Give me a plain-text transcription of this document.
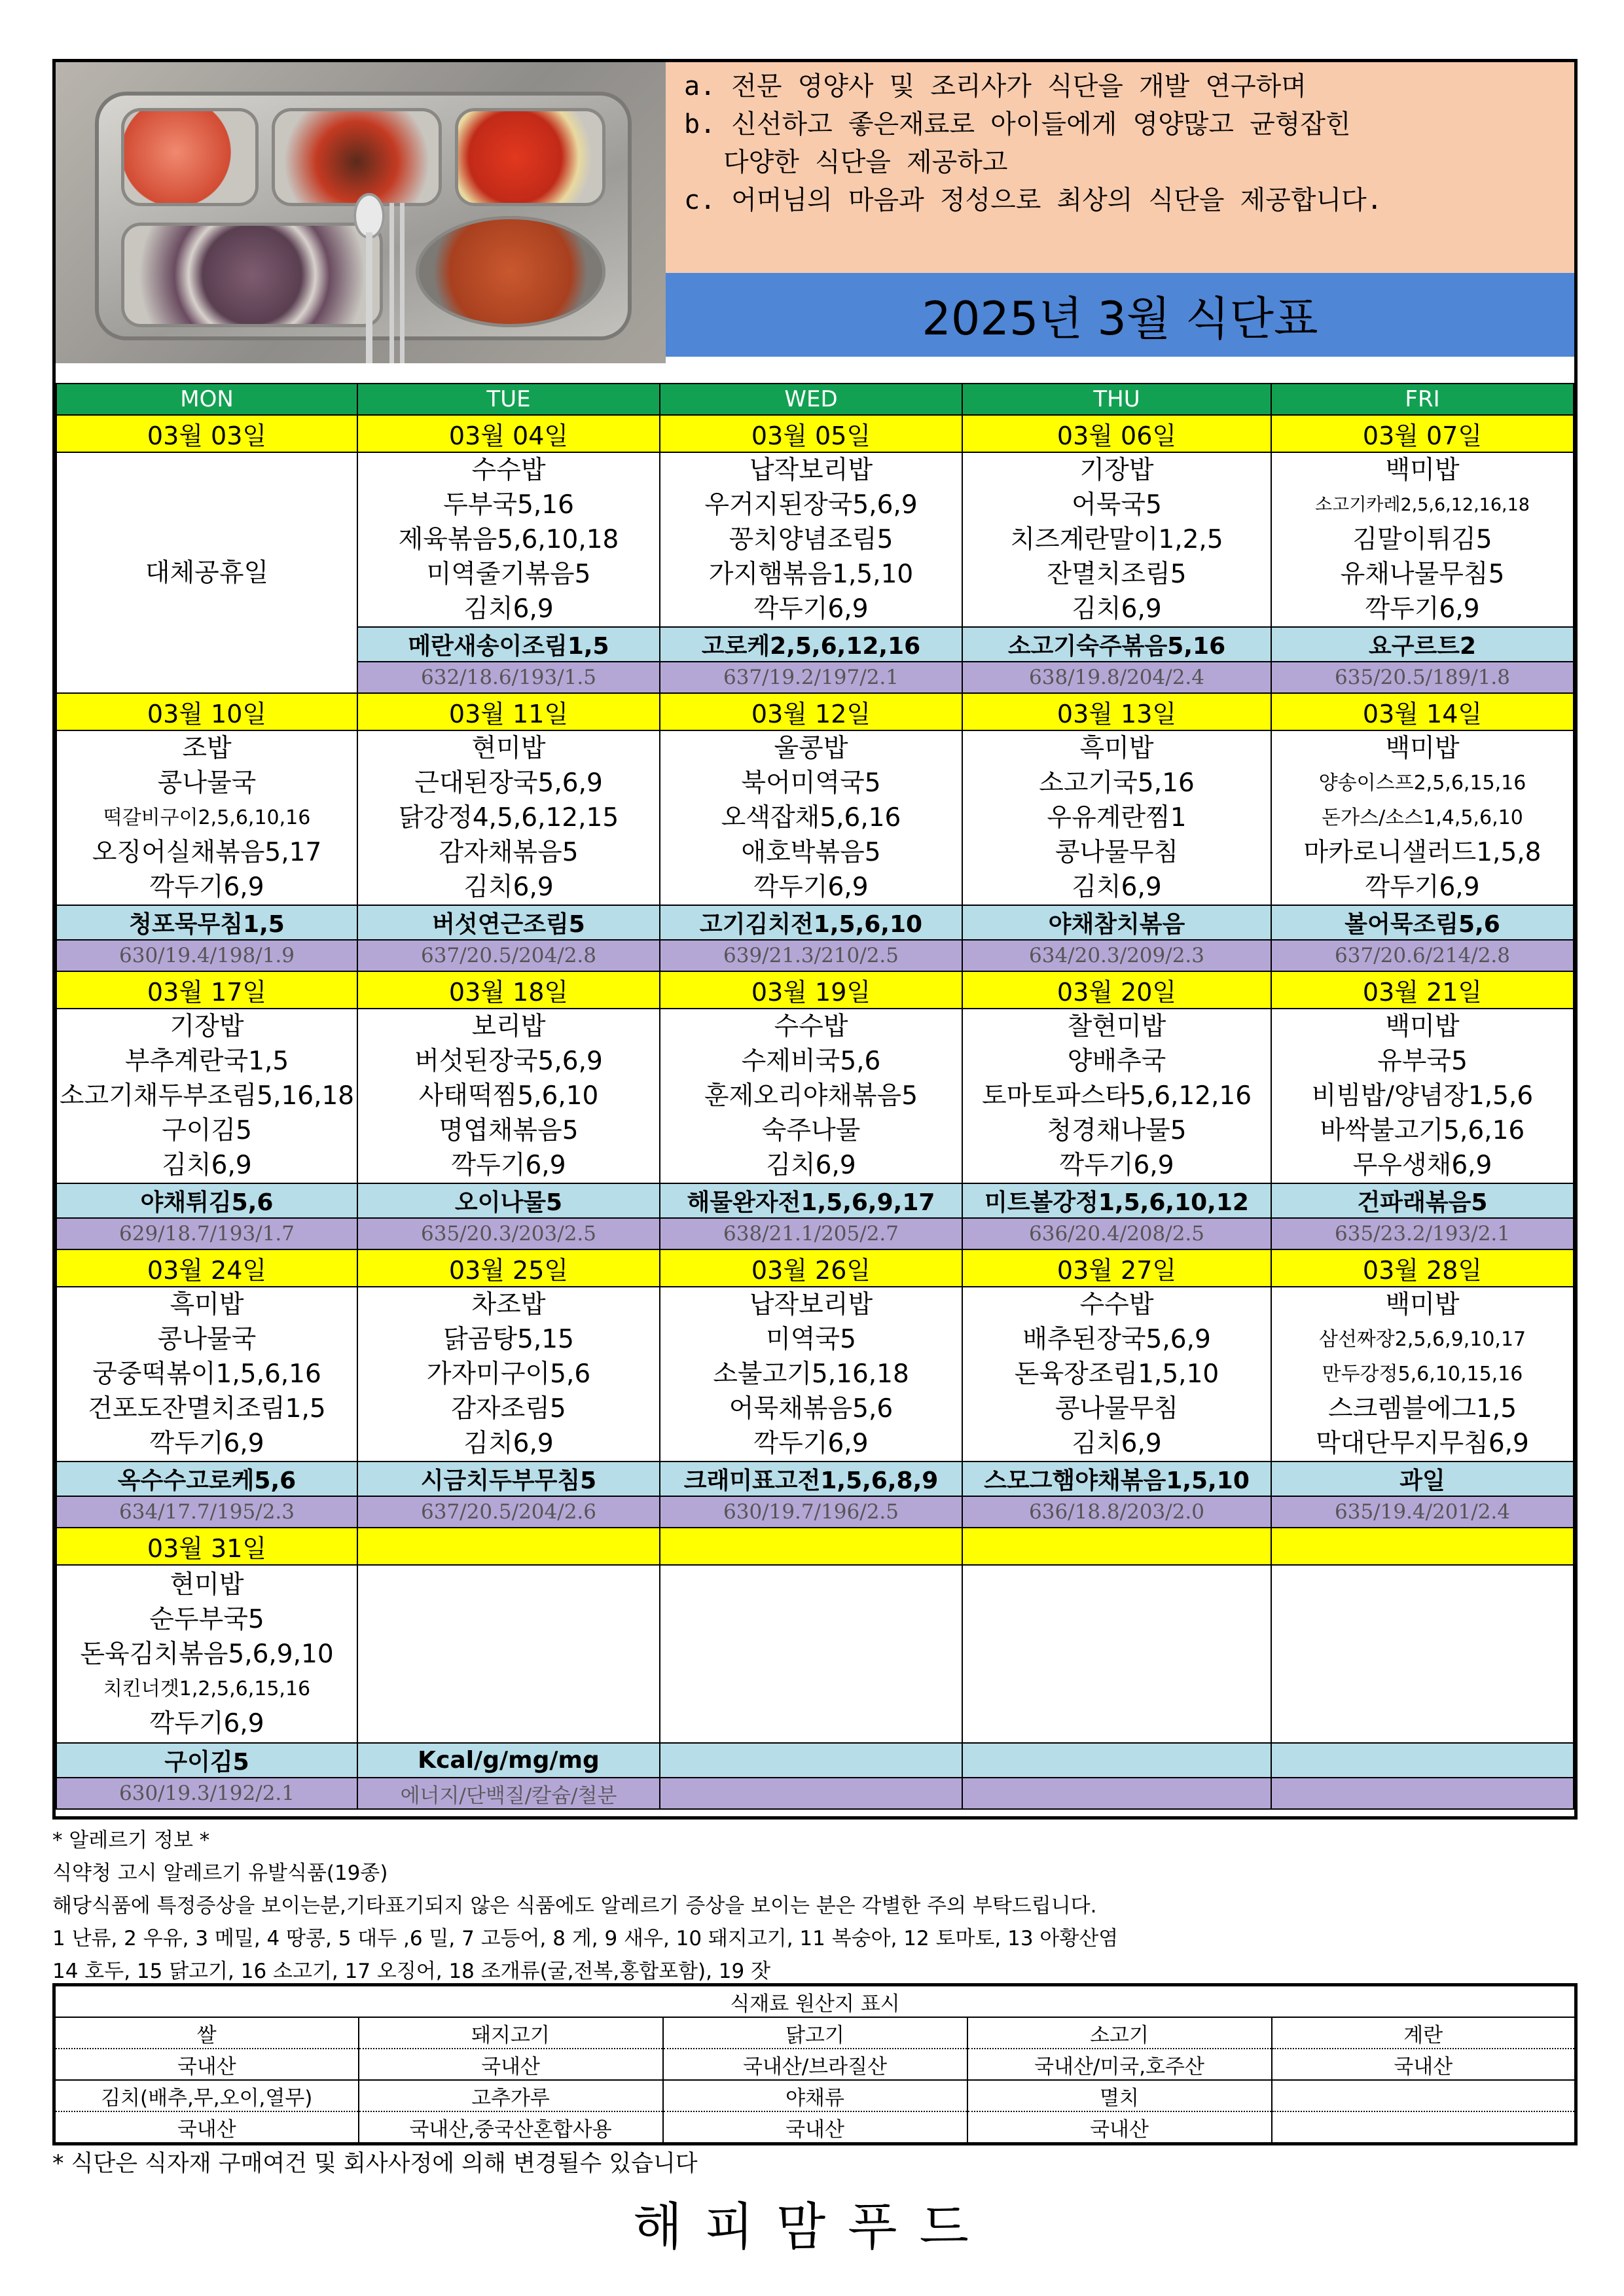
a. 전문 영양사 및 조리사가 식단을 개발 연구하며
b. 신선하고 좋은재료로 아이들에게 영양많고 균형잡힌
다양한 식단을 제공하고
c. 어머님의 마음과 정성으로 최상의 식단을 제공합니다.
2025년 3월 식단표
MON	TUE	WED	THU	FRI
03월 03일	03월 04일	03월 05일	03월 06일	03월 07일

대체공휴일	수수밥
두부국5,16
제육볶음5,6,10,18
미역줄기볶음5
김치6,9	납작보리밥
우거지된장국5,6,9
꽁치양념조림5
가지햄볶음1,5,10
깍두기6,9	기장밥
어묵국5
치즈계란말이1,2,5
잔멸치조림5
김치6,9	백미밥
소고기카레2,5,6,12,16,18
김말이튀김5
유채나물무침5
깍두기6,9

	메란새송이조림1,5	고로케2,5,6,12,16	소고기숙주볶음5,16	요구르트2
	632/18.6/193/1.5	637/19.2/197/2.1	638/19.8/204/2.4	635/20.5/189/1.8
03월 10일	03월 11일	03월 12일	03월 13일	03월 14일

조밥
콩나물국
떡갈비구이2,5,6,10,16
오징어실채볶음5,17
깍두기6,9	현미밥
근대된장국5,6,9
닭강정4,5,6,12,15
감자채볶음5
김치6,9	울콩밥
북어미역국5
오색잡채5,6,16
애호박볶음5
깍두기6,9	흑미밥
소고기국5,16
우유계란찜1
콩나물무침
김치6,9	백미밥
양송이스프2,5,6,15,16
돈가스/소스1,4,5,6,10
마카로니샐러드1,5,8
깍두기6,9

청포묵무침1,5	버섯연근조림5	고기김치전1,5,6,10	야채참치볶음	볼어묵조림5,6
630/19.4/198/1.9	637/20.5/204/2.8	639/21.3/210/2.5	634/20.3/209/2.3	637/20.6/214/2.8
03월 17일	03월 18일	03월 19일	03월 20일	03월 21일

기장밥
부추계란국1,5
소고기채두부조림5,16,18
구이김5
김치6,9	보리밥
버섯된장국5,6,9
사태떡찜5,6,10
명엽채볶음5
깍두기6,9	수수밥
수제비국5,6
훈제오리야채볶음5
숙주나물
김치6,9	찰현미밥
양배추국
토마토파스타5,6,12,16
청경채나물5
깍두기6,9	백미밥
유부국5
비빔밥/양념장1,5,6
바싹불고기5,6,16
무우생채6,9

야채튀김5,6	오이나물5	해물완자전1,5,6,9,17	미트볼강정1,5,6,10,12	건파래볶음5
629/18.7/193/1.7	635/20.3/203/2.5	638/21.1/205/2.7	636/20.4/208/2.5	635/23.2/193/2.1
03월 24일	03월 25일	03월 26일	03월 27일	03월 28일

흑미밥
콩나물국
궁중떡볶이1,5,6,16
건포도잔멸치조림1,5
깍두기6,9	차조밥
닭곰탕5,15
가자미구이5,6
감자조림5
김치6,9	납작보리밥
미역국5
소불고기5,16,18
어묵채볶음5,6
깍두기6,9	수수밥
배추된장국5,6,9
돈육장조림1,5,10
콩나물무침
김치6,9	백미밥
삼선짜장2,5,6,9,10,17
만두강정5,6,10,15,16
스크렘블에그1,5
막대단무지무침6,9

옥수수고로케5,6	시금치두부무침5	크래미표고전1,5,6,8,9	스모그햄야채볶음1,5,10	과일
634/17.7/195/2.3	637/20.5/204/2.6	630/19.7/196/2.5	636/18.8/203/2.0	635/19.4/201/2.4
03월 31일				

현미밥
순두부국5
돈육김치볶음5,6,9,10
치킨너겟1,2,5,6,15,16
깍두기6,9				

구이김5	Kcal/g/mg/mg			
630/19.3/192/2.1	에너지/단백질/칼슘/철분			
* 알레르기 정보 *
식약청 고시 알레르기 유발식품(19종)
해당식품에 특정증상을 보이는분,기타표기되지 않은 식품에도 알레르기 증상을 보이는 분은 각별한 주의 부탁드립니다.
1 난류, 2 우유, 3 메밀, 4 땅콩, 5 대두 ,6 밀, 7 고등어, 8 게, 9 새우, 10 돼지고기, 11 복숭아, 12 토마토, 13 아황산염
14 호두, 15 닭고기, 16 소고기, 17 오징어, 18 조개류(굴,전복,홍합포함), 19 잣
식재료 원산지 표시				
쌀	돼지고기	닭고기	소고기	계란
국내산	국내산	국내산/브라질산	국내산/미국,호주산	국내산
김치(배추,무,오이,열무)	고추가루	야채류	멸치	
국내산	국내산,중국산혼합사용	국내산	국내산	
* 식단은 식자재 구매여건 및 회사사정에 의해 변경될수 있습니다
해피맘푸드
